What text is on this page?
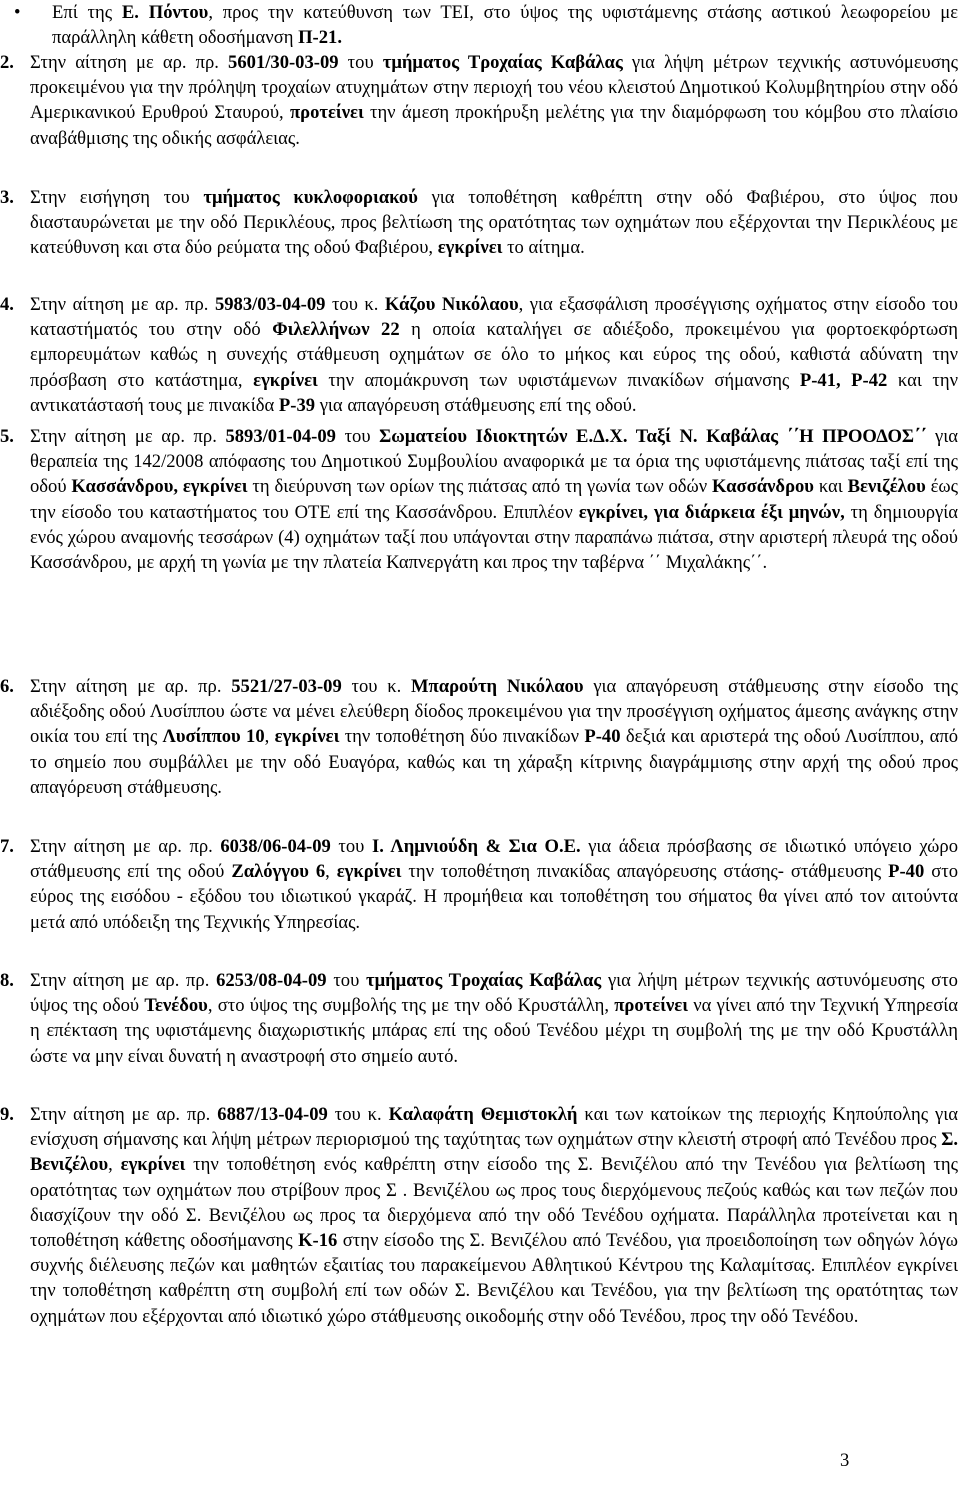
• Επί της Ε. Πόντου, προς την κατεύθυνση των ΤΕΙ, στο ύψος της υφιστάμενης στάσης αστικού λεωφορείου με παράλληλη κάθετη οδοσήμανση Π-21.
2. Στην αίτηση με αρ. πρ. 5601/30-03-09 του τμήματος Τροχαίας Καβάλας για λήψη μέτρων τεχνικής αστυνόμευσης προκειμένου για την πρόληψη τροχαίων ατυχημάτων στην περιοχή του νέου κλειστού Δημοτικού Κολυμβητηρίου στην οδό Αμερικανικού Ερυθρού Σταυρού, προτείνει την άμεση προκήρυξη μελέτης για την διαμόρφωση του κόμβου στο πλαίσιο αναβάθμισης της οδικής ασφάλειας.
3. Στην εισήγηση του τμήματος κυκλοφοριακού για τοποθέτηση καθρέπτη στην οδό Φαβιέρου, στο ύψος που διασταυρώνεται με την οδό Περικλέους, προς βελτίωση της ορατότητας των οχημάτων που εξέρχονται την Περικλέους με κατεύθυνση και στα δύο ρεύματα της οδού Φαβιέρου, εγκρίνει το αίτημα.
4. Στην αίτηση με αρ. πρ. 5983/03-04-09 του κ. Κάζου Νικόλαου, για εξασφάλιση προσέγγισης οχήματος στην είσοδο του καταστήματός του στην οδό Φιλελλήνων 22 η οποία καταλήγει σε αδιέξοδο, προκειμένου για φορτοεκφόρτωση εμπορευμάτων καθώς η συνεχής στάθμευση οχημάτων σε όλο το μήκος και εύρος της οδού, καθιστά αδύνατη την πρόσβαση στο κατάστημα, εγκρίνει την απομάκρυνση των υφιστάμενων πινακίδων σήμανσης Ρ-41, Ρ-42 και την αντικατάστασή τους με πινακίδα Ρ-39 για απαγόρευση στάθμευσης επί της οδού.
5. Στην αίτηση με αρ. πρ. 5893/01-04-09 του Σωματείου Ιδιοκτητών Ε.Δ.Χ. Ταξί Ν. Καβάλας ΄΄Η ΠΡΟΟΔΟΣ΄΄ για θεραπεία της 142/2008 απόφασης του Δημοτικού Συμβουλίου αναφορικά με τα όρια της υφιστάμενης πιάτσας ταξί επί της οδού Κασσάνδρου, εγκρίνει τη διεύρυνση των ορίων της πιάτσας από τη γωνία των οδών Κασσάνδρου και Βενιζέλου έως την είσοδο του καταστήματος του ΟΤΕ επί της Κασσάνδρου. Επιπλέον εγκρίνει, για διάρκεια έξι μηνών, τη δημιουργία ενός χώρου αναμονής τεσσάρων (4) οχημάτων ταξί που υπάγονται στην παραπάνω πιάτσα, στην αριστερή πλευρά της οδού Κασσάνδρου, με αρχή τη γωνία με την πλατεία Καπνεργάτη και προς την ταβέρνα ΄΄ Μιχαλάκης΄΄.
6. Στην αίτηση με αρ. πρ. 5521/27-03-09 του κ. Μπαρούτη Νικόλαου για απαγόρευση στάθμευσης στην είσοδο της αδιέξοδης οδού Λυσίππου ώστε να μένει ελεύθερη δίοδος προκειμένου για την προσέγγιση οχήματος άμεσης ανάγκης στην οικία του επί της Λυσίππου 10, εγκρίνει την τοποθέτηση δύο πινακίδων Ρ-40 δεξιά και αριστερά της οδού Λυσίππου, από το σημείο που συμβάλλει με την οδό Ευαγόρα, καθώς και τη χάραξη κίτρινης διαγράμμισης στην αρχή της οδού προς απαγόρευση στάθμευσης.
7. Στην αίτηση με αρ. πρ. 6038/06-04-09 του Ι. Λημνιούδη & Σια Ο.Ε. για άδεια πρόσβασης σε ιδιωτικό υπόγειο χώρο στάθμευσης επί της οδού Ζαλόγγου 6, εγκρίνει την τοποθέτηση πινακίδας απαγόρευσης στάσης- στάθμευσης Ρ-40 στο εύρος της εισόδου - εξόδου του ιδιωτικού γκαράζ. Η προμήθεια και τοποθέτηση του σήματος θα γίνει από τον αιτούντα μετά από υπόδειξη της Τεχνικής Υπηρεσίας.
8. Στην αίτηση με αρ. πρ. 6253/08-04-09 του τμήματος Τροχαίας Καβάλας για λήψη μέτρων τεχνικής αστυνόμευσης στο ύψος της οδού Τενέδου, στο ύψος της συμβολής της με την οδό Κρυστάλλη, προτείνει να γίνει από την Τεχνική Υπηρεσία η επέκταση της υφιστάμενης διαχωριστικής μπάρας επί της οδού Τενέδου μέχρι τη συμβολή της με την οδό Κρυστάλλη ώστε να μην είναι δυνατή η αναστροφή στο σημείο αυτό.
9. Στην αίτηση με αρ. πρ. 6887/13-04-09 του κ. Καλαφάτη Θεμιστοκλή και των κατοίκων της περιοχής Κηπούπολης για ενίσχυση σήμανσης και λήψη μέτρων περιορισμού της ταχύτητας των οχημάτων στην κλειστή στροφή από Τενέδου προς Σ. Βενιζέλου, εγκρίνει την τοποθέτηση ενός καθρέπτη στην είσοδο της Σ. Βενιζέλου από την Τενέδου για βελτίωση της ορατότητας των οχημάτων που στρίβουν προς Σ . Βενιζέλου ως προς τους διερχόμενους πεζούς καθώς και των πεζών που διασχίζουν την οδό Σ. Βενιζέλου ως προς τα διερχόμενα από την οδό Τενέδου οχήματα. Παράλληλα προτείνεται και η τοποθέτηση κάθετης οδοσήμανσης Κ-16 στην είσοδο της Σ. Βενιζέλου από Τενέδου, για προειδοποίηση των οδηγών λόγω συχνής διέλευσης πεζών και μαθητών εξαιτίας του παρακείμενου Αθλητικού Κέντρου της Καλαμίτσας. Επιπλέον εγκρίνει την τοποθέτηση καθρέπτη στη συμβολή επί των οδών Σ. Βενιζέλου και Τενέδου, για την βελτίωση της ορατότητας των οχημάτων που εξέρχονται από ιδιωτικό χώρο στάθμευσης οικοδομής στην οδό Τενέδου, προς την οδό Τενέδου.
3
